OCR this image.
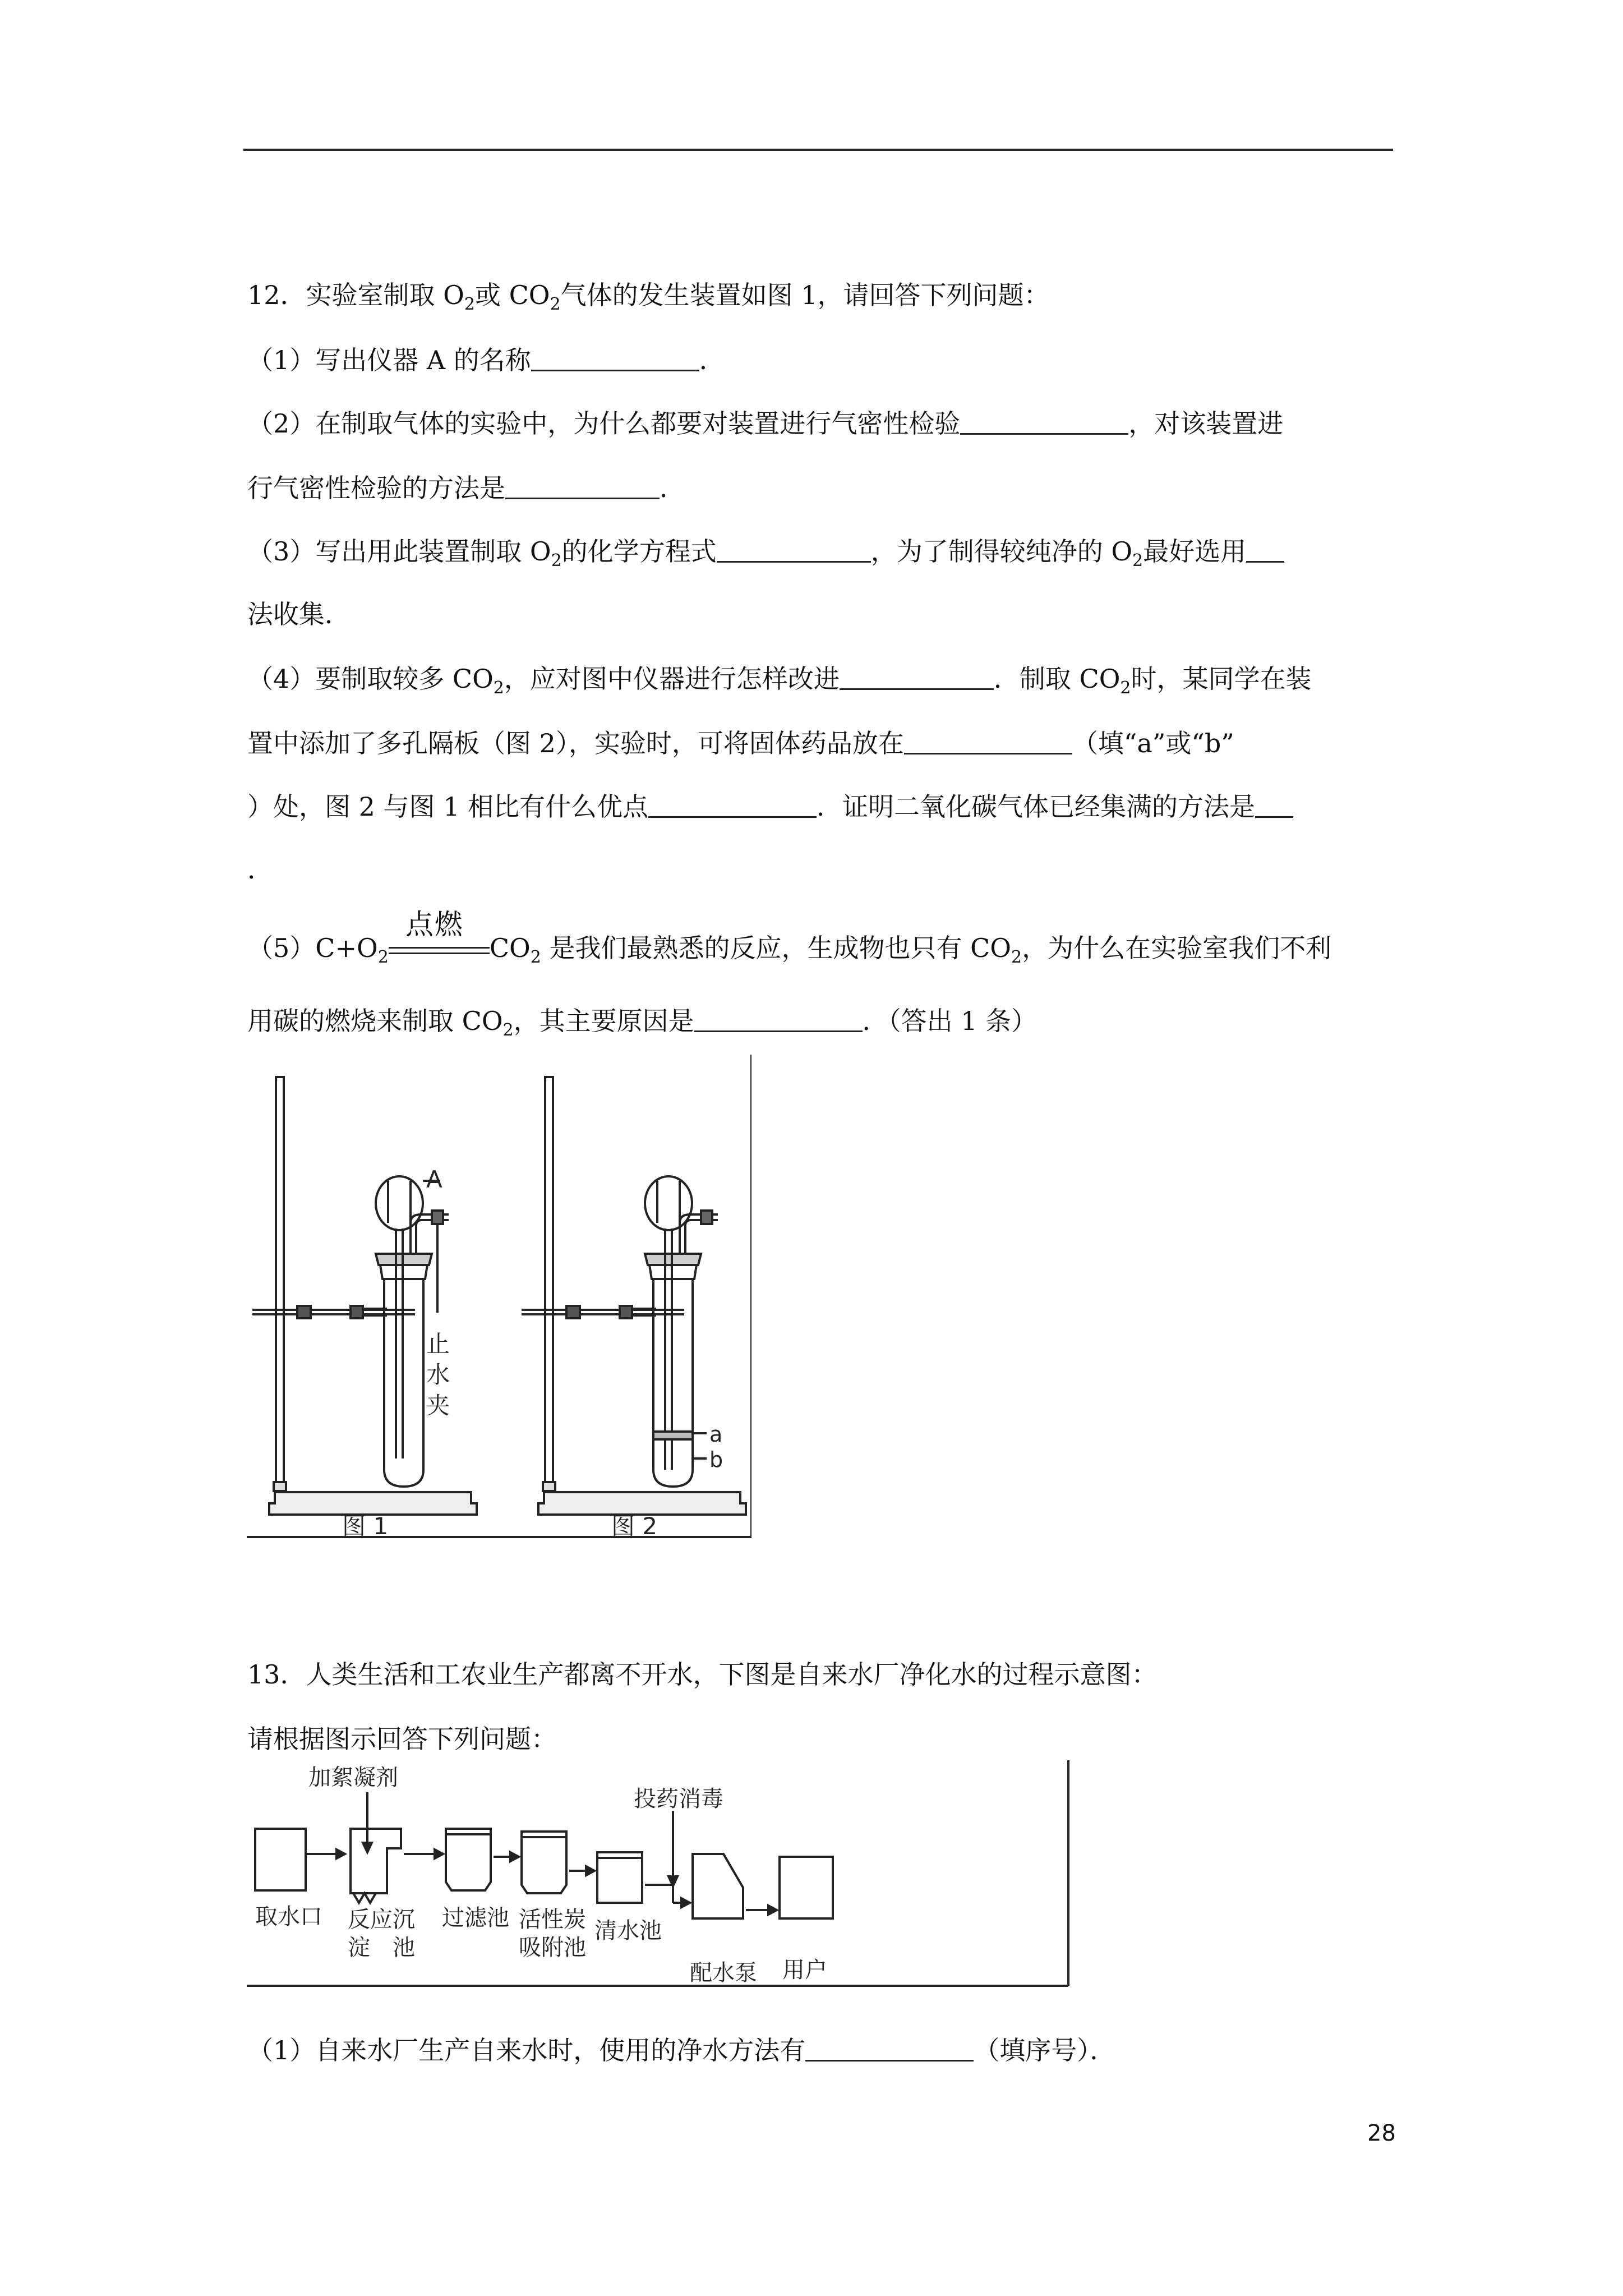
12．实验室制取 $O_2$或 $CO_2$气体的发生装置如图 1，请回答下列问题：
（1）写出仪器 A 的名称	．
（2）在制取气体的实验中，为什么都要对装置进行气密性检验	，对该装置进
行气密性检验的方法是	．
（3）写出用此装置制取 $O_2$的化学方程式	，为了制得较纯净的 $O_2$最好选用
法收集．
（4）要制取较多 $CO_2$，应对图中仪器进行怎样改进	．制取 $CO_2$时，某同学在装
置中添加了多孔隔板（图 2），实验时，可将固体药品放在	（填“a”或“b”
）处，图 2 与图 1 相比有什么优点	．证明二氧化碳气体已经集满的方法是
．
$(5)C+O_2$
点燃
$CO_2$ 是我们最熟悉的反应，生成物也只有 $CO_2$，为什么在实验室我们不利
用碳的燃烧来制取 $CO_2$，其主要原因是	．（答出 1 条）
A
止
水
夹
图 1
a
b
图 2
13．人类生活和工农业生产都离不开水，下图是自来水厂净化水的过程示意图：
请根据图示回答下列问题：
加絮凝剂
取水口 反应沉
淀　池
过滤池 活性炭
吸附池
清水池
投药消毒
配水泵 用户
（1）自来水厂生产自来水时，使用的净水方法有	（填序号）．
28
